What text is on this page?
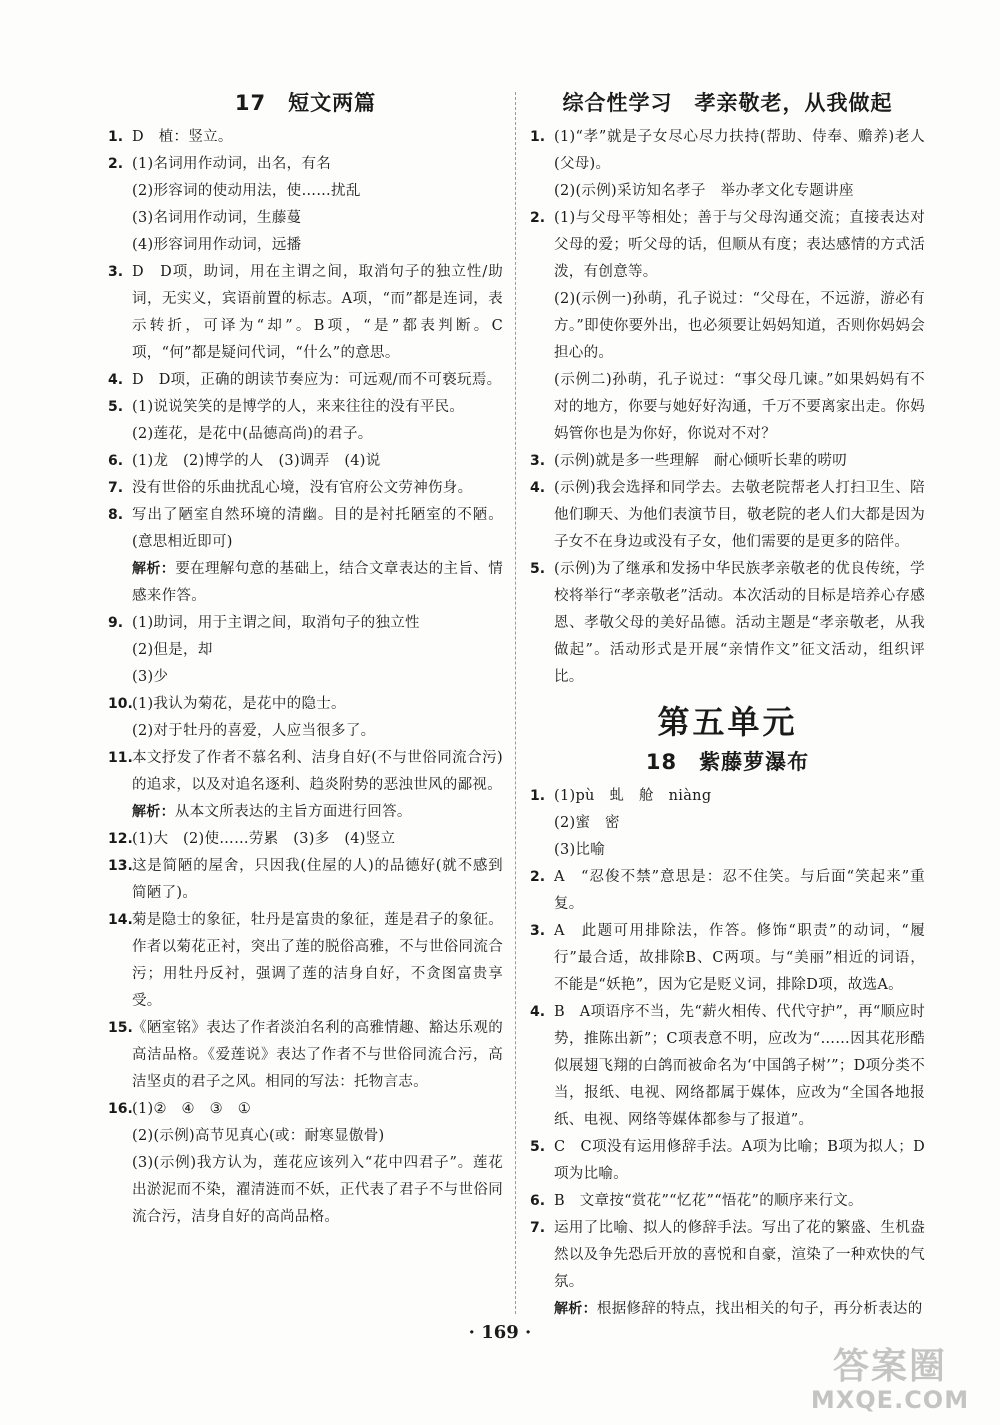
17　短文两篇
1. D　植：竖立。

2. (1)名词用作动词，出名，有名

(2)形容词的使动用法，使……扰乱

(3)名词用作动词，生藤蔓

(4)形容词用作动词，远播

3. D　D项，助词，用在主谓之间，取消句子的独立性/助词，无实义，宾语前置的标志。A项，“而”都是连词，表示转折，可译为“却”。B项，“是”都表判断。C项，“何”都是疑问代词，“什么”的意思。

4. D　D项，正确的朗读节奏应为：可远观/而不可亵玩焉。

5. (1)说说笑笑的是博学的人，来来往往的没有平民。

(2)莲花，是花中(品德高尚)的君子。

6. (1)龙　(2)博学的人　(3)调弄　(4)说

7. 没有世俗的乐曲扰乱心境，没有官府公文劳神伤身。

8. 写出了陋室自然环境的清幽。目的是衬托陋室的不陋。(意思相近即可)

解析：要在理解句意的基础上，结合文章表达的主旨、情感来作答。

9. (1)助词，用于主谓之间，取消句子的独立性

(2)但是，却

(3)少

10. (1)我认为菊花，是花中的隐士。

(2)对于牡丹的喜爱，人应当很多了。

11. 本文抒发了作者不慕名利、洁身自好(不与世俗同流合污)的追求，以及对追名逐利、趋炎附势的恶浊世风的鄙视。

解析：从本文所表达的主旨方面进行回答。

12. (1)大　(2)使……劳累　(3)多　(4)竖立

13. 这是简陋的屋舍，只因我(住屋的人)的品德好(就不感到简陋了)。

14. 菊是隐士的象征，牡丹是富贵的象征，莲是君子的象征。作者以菊花正衬，突出了莲的脱俗高雅，不与世俗同流合污；用牡丹反衬，强调了莲的洁身自好，不贪图富贵享受。

15. 《陋室铭》表达了作者淡泊名利的高雅情趣、豁达乐观的高洁品格。《爱莲说》表达了作者不与世俗同流合污，高洁坚贞的君子之风。相同的写法：托物言志。

16. (1)②　④　③　①

(2)(示例)高节见真心(或：耐寒显傲骨)

(3)(示例)我方认为，莲花应该列入“花中四君子”。莲花出淤泥而不染，濯清涟而不妖，正代表了君子不与世俗同流合污，洁身自好的高尚品格。

综合性学习　孝亲敬老，从我做起
1. (1)“孝”就是子女尽心尽力扶持(帮助、侍奉、赡养)老人(父母)。

(2)(示例)采访知名孝子　举办孝文化专题讲座

2. (1)与父母平等相处；善于与父母沟通交流；直接表达对父母的爱；听父母的话，但顺从有度；表达感情的方式活泼，有创意等。

(2)(示例一)孙萌，孔子说过：“父母在，不远游，游必有方。”即使你要外出，也必须要让妈妈知道，否则你妈妈会担心的。

(示例二)孙萌，孔子说过：“事父母几谏。”如果妈妈有不对的地方，你要与她好好沟通，千万不要离家出走。你妈妈管你也是为你好，你说对不对？

3. (示例)就是多一些理解　耐心倾听长辈的唠叨

4. (示例)我会选择和同学去。去敬老院帮老人打扫卫生、陪他们聊天、为他们表演节目，敬老院的老人们大都是因为子女不在身边或没有子女，他们需要的是更多的陪伴。

5. (示例)为了继承和发扬中华民族孝亲敬老的优良传统，学校将举行“孝亲敬老”活动。本次活动的目标是培养心存感恩、孝敬父母的美好品德。活动主题是“孝亲敬老，从我做起”。活动形式是开展“亲情作文”征文活动，组织评比。

第五单元
18　紫藤萝瀑布
1. (1)pù　虬　舱　niàng

(2)蜜　密

(3)比喻

2. A　“忍俊不禁”意思是：忍不住笑。与后面“笑起来”重复。

3. A　此题可用排除法，作答。修饰“职责”的动词，“履行”最合适，故排除B、C两项。与“美丽”相近的词语，不能是“妖艳”，因为它是贬义词，排除D项，故选A。

4. B　A项语序不当，先“薪火相传、代代守护”，再“顺应时势，推陈出新”；C项表意不明，应改为“……因其花形酷似展翅飞翔的白鸽而被命名为‘中国鸽子树’”；D项分类不当，报纸、电视、网络都属于媒体，应改为“全国各地报纸、电视、网络等媒体都参与了报道”。

5. C　C项没有运用修辞手法。A项为比喻；B项为拟人；D项为比喻。

6. B　文章按“赏花”“忆花”“悟花”的顺序来行文。

7. 运用了比喻、拟人的修辞手法。写出了花的繁盛、生机盎然以及争先恐后开放的喜悦和自豪，渲染了一种欢快的气氛。

解析：根据修辞的特点，找出相关的句子，再分析表达的

· 169 ·
答案圈
MXQE.COM
